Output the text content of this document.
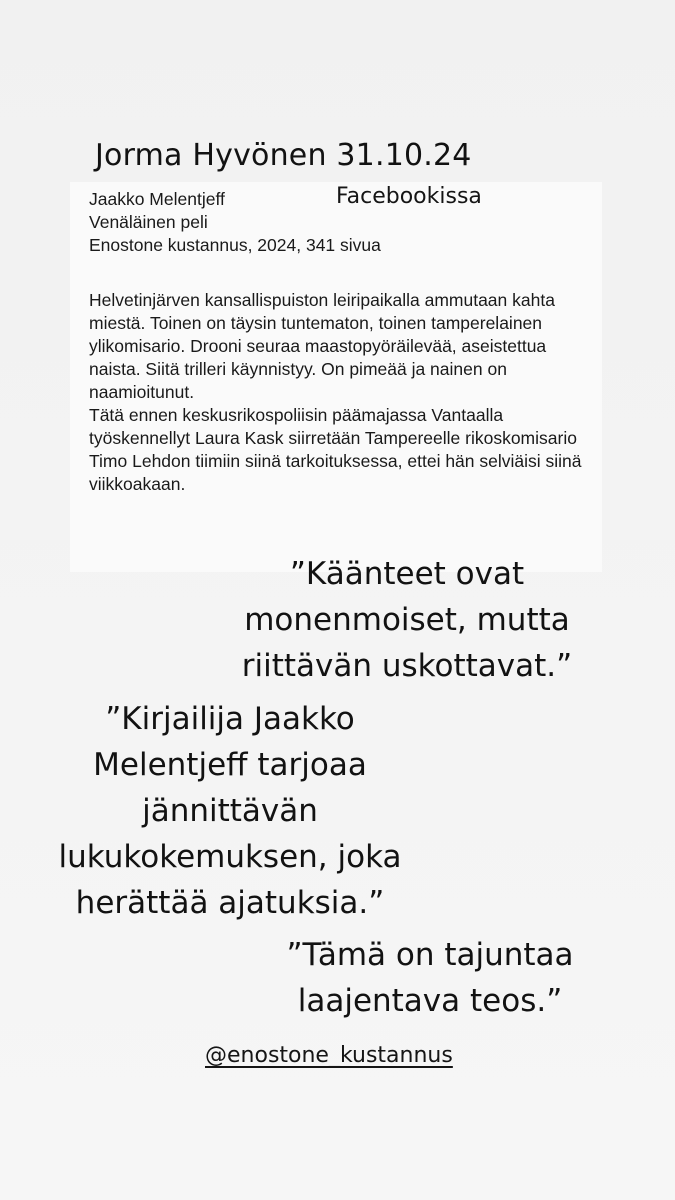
Jorma Hyvönen 31.10.24
Jaakko Melentjeff
Venäläinen peli
Enostone kustannus, 2024, 341 sivua

Helvetinjärven kansallispuiston leiripaikalla ammutaan kahta miestä. Toinen on täysin tuntematon, toinen tamperelainen ylikomisario. Drooni seuraa maastopyöräilevää, aseistettua naista. Siitä trilleri käynnistyy. On pimeää ja nainen on naamioitunut.

Tätä ennen keskusrikospoliisin päämajassa Vantaalla työskennellyt Laura Kask siirretään Tampereelle rikoskomisario Timo Lehdon tiimiin siinä tarkoituksessa, ettei hän selviäisi siinä viikkoakaan.

Facebookissa
”Käänteet ovat monenmoiset, mutta riittävän uskottavat.”
”Kirjailija Jaakko Melentjeff tarjoaa jännittävän lukukokemuksen, joka herättää ajatuksia.”
”Tämä on tajuntaa laajentava teos.”
@enostone_kustannus
